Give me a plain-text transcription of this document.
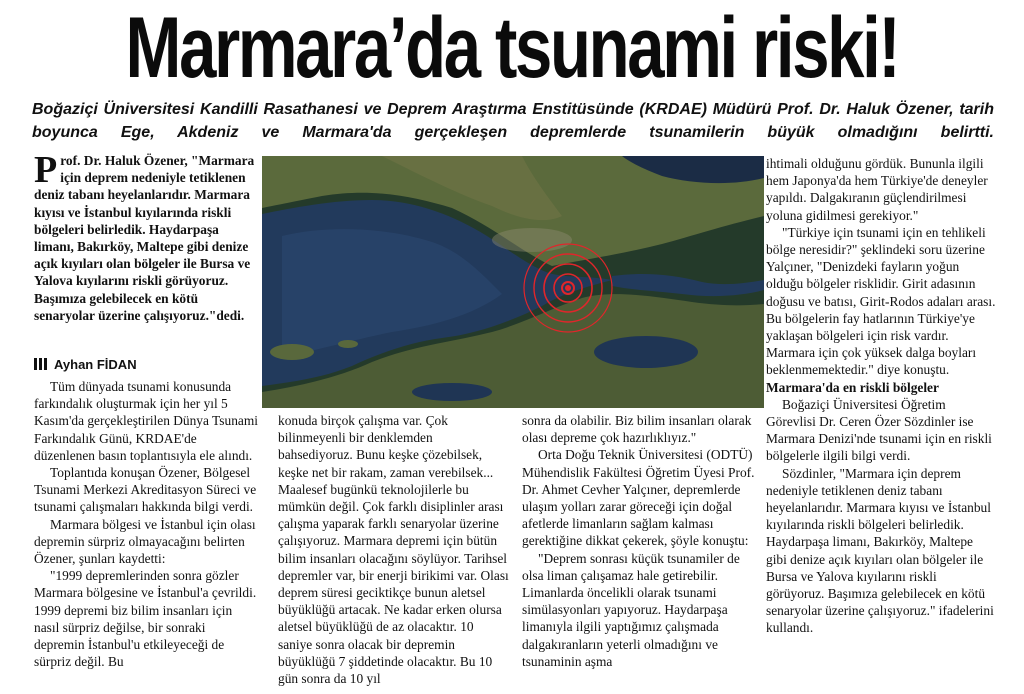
Marmara’da tsunami riski!
Boğaziçi Üniversitesi Kandilli Rasathanesi ve Deprem Araştırma Enstitüsünde (KRDAE) Müdürü Prof. Dr. Haluk Özener, tarih boyunca Ege, Akdeniz ve Marmara'da gerçekleşen depremlerde tsunamilerin büyük olmadığını belirtti.
Prof. Dr. Haluk Özener, "Marmara için deprem nedeniyle tetiklenen deniz tabanı heyelanlarıdır. Marmara kıyısı ve İstanbul kıyılarında riskli bölgeleri belirledik. Haydarpaşa limanı, Bakırköy, Maltepe gibi denize açık kıyıları olan bölgeler ile Bursa ve Yalova kıyılarını riskli görüyoruz. Başımıza gelebilecek en kötü senaryolar üzerine çalışıyoruz."dedi.
Ayhan FİDAN

Tüm dünyada tsunami konusunda farkındalık oluşturmak için her yıl 5 Kasım'da gerçekleştirilen Dünya Tsunami Farkındalık Günü, KRDAE'de düzenlenen basın toplantısıyla ele alındı.

Toplantıda konuşan Özener, Bölgesel Tsunami Merkezi Akreditasyon Süreci ve tsunami çalışmaları hakkında bilgi verdi.

Marmara bölgesi ve İstanbul için olası depremin sürpriz olmayacağını belirten Özener, şunları kaydetti:

"1999 depremlerinden sonra gözler Marmara bölgesine ve İstanbul'a çevrildi. 1999 depremi biz bilim insanları için nasıl sürpriz değilse, bir sonraki depremin İstanbul'u etkileyeceği de sürpriz değil. Bu

konuda birçok çalışma var. Çok bilinmeyenli bir denklemden bahsediyoruz. Bunu keşke çözebilsek, keşke net bir rakam, zaman verebilsek... Maalesef bugünkü teknolojilerle bu mümkün değil. Çok farklı disiplinler arası çalışma yaparak farklı senaryolar üzerine çalışıyoruz. Marmara depremi için bütün bilim insanları olacağını söylüyor. Tarihsel depremler var, bir enerji birikimi var. Olası deprem süresi geciktikçe bunun aletsel büyüklüğü artacak. Ne kadar erken olursa aletsel büyüklüğü de az olacaktır. 10 saniye sonra olacak bir depremin büyüklüğü 7 şiddetinde olacaktır. Bu 10 gün sonra da 10 yıl

sonra da olabilir. Biz bilim insanları olarak olası depreme çok hazırlıklıyız."

Orta Doğu Teknik Üniversitesi (ODTÜ) Mühendislik Fakültesi Öğretim Üyesi Prof. Dr. Ahmet Cevher Yalçıner, depremlerde ulaşım yolları zarar göreceği için doğal afetlerde limanların sağlam kalması gerektiğine dikkat çekerek, şöyle konuştu:

"Deprem sonrası küçük tsunamiler de olsa liman çalışamaz hale getirebilir. Limanlarda öncelikli olarak tsunami simülasyonları yapıyoruz. Haydarpaşa limanıyla ilgili yaptığımız çalışmada dalgakıranların yeterli olmadığını ve tsunaminin aşma

ihtimali olduğunu gördük. Bununla ilgili hem Japonya'da hem Türkiye'de deneyler yapıldı. Dalgakıranın güçlendirilmesi yoluna gidilmesi gerekiyor."

"Türkiye için tsunami için en tehlikeli bölge neresidir?" şeklindeki soru üzerine Yalçıner, "Denizdeki fayların yoğun olduğu bölgeler risklidir. Girit adasının doğusu ve batısı, Girit-Rodos adaları arası. Bu bölgelerin fay hatlarının Türkiye'ye yaklaşan bölgeleri için risk vardır. Marmara için çok yüksek dalga boyları beklenmemektedir." diye konuştu.

Marmara'da en riskli bölgeler

Boğaziçi Üniversitesi Öğretim Görevlisi Dr. Ceren Özer Sözdinler ise Marmara Denizi'nde tsunami için en riskli bölgelerle ilgili bilgi verdi.

Sözdinler, "Marmara için deprem nedeniyle tetiklenen deniz tabanı heyelanlarıdır. Marmara kıyısı ve İstanbul kıyılarında riskli bölgeleri belirledik. Haydarpaşa limanı, Bakırköy, Maltepe gibi denize açık kıyıları olan bölgeler ile Bursa ve Yalova kıyılarını riskli görüyoruz. Başımıza gelebilecek en kötü senaryolar üzerine çalışıyoruz." ifadelerini kullandı.
